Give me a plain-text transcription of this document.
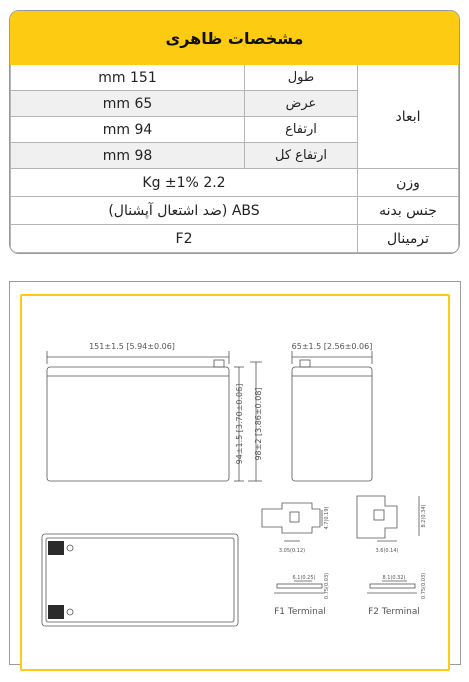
مشخصات ظاهری
ابعاد	طول	151 mm
	عرض	65 mm
	ارتفاع	94 mm
	ارتفاع کل	98 mm
وزن	2.2 Kg ±1%	
جنس بدنه	ABS (ضد اشتعال آپشنال)	
ترمینال	F2	
151±1.5 [5.94±0.06]	65±1.5 [2.56±0.06]
94±1.5 [3.70±0.06] 98±2 [3.86±0.08]
3.05(0.12)
4.7(0.19)
6.1(0.25) 0.75(0.03)
F1 Terminal
3.6(0.14)
8.2(0.34)
8.1(0.32)	0.75(0.03)
F2 Terminal
